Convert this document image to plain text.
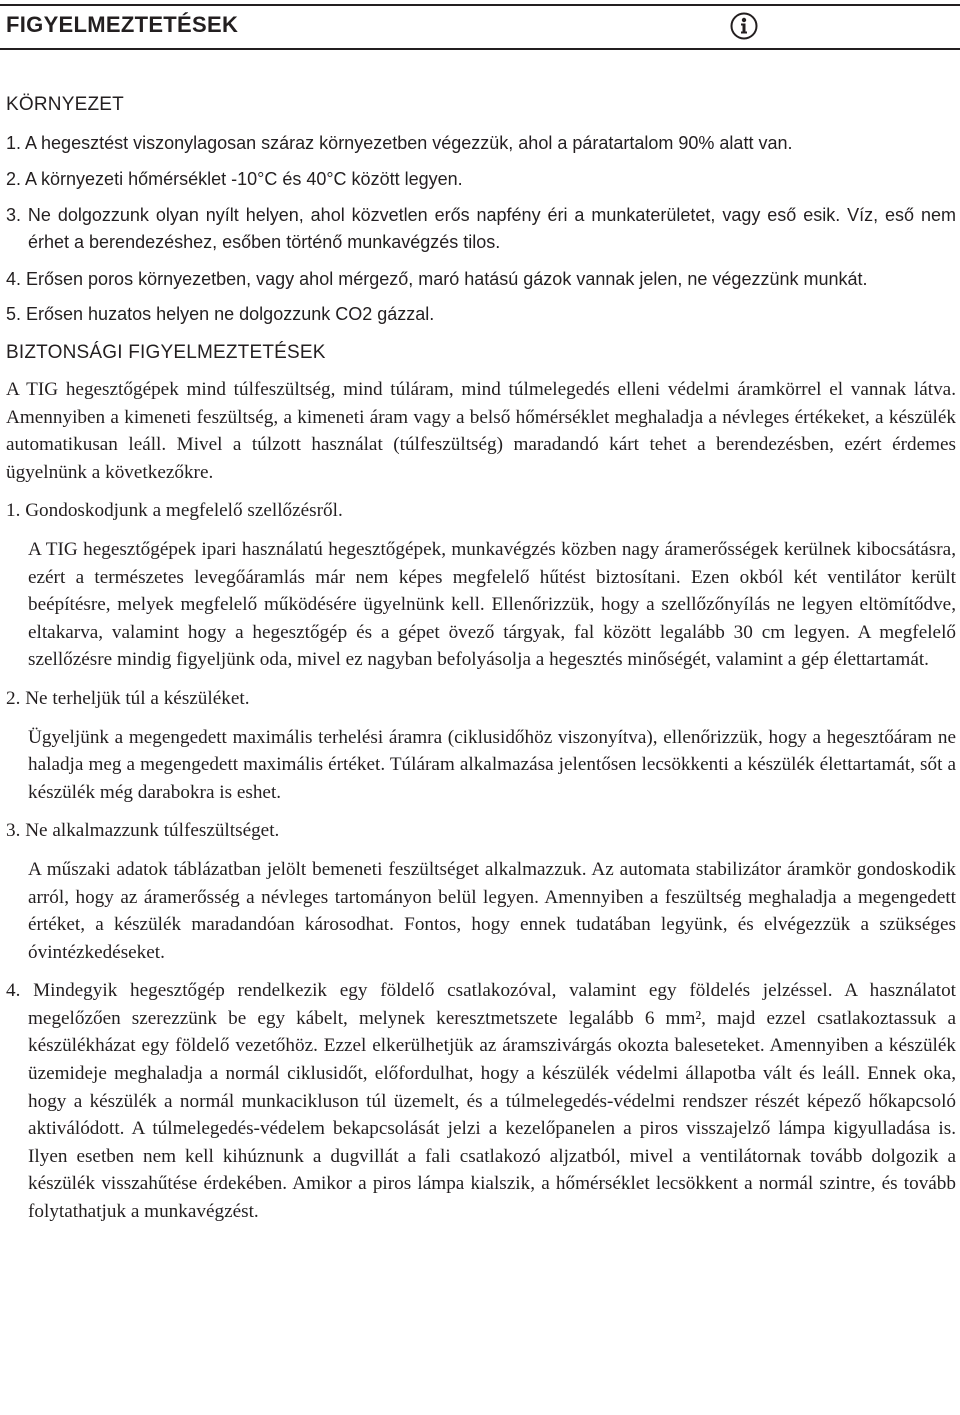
FIGYELMEZTETÉSEK
KÖRNYEZET
1. A hegesztést viszonylagosan száraz környezetben végezzük, ahol a páratartalom 90% alatt van.
2. A környezeti hőmérséklet -10°C és 40°C között legyen.
3. Ne dolgozzunk olyan nyílt helyen, ahol közvetlen erős napfény éri a munkaterületet, vagy eső esik. Víz, eső nem érhet a berendezéshez, esőben történő munkavégzés tilos.
4. Erősen poros környezetben, vagy ahol mérgező, maró hatású gázok vannak jelen, ne végezzünk munkát.
5. Erősen huzatos helyen ne dolgozzunk CO2 gázzal.
BIZTONSÁGI FIGYELMEZTETÉSEK

A TIG hegesztőgépek mind túlfeszültség, mind túláram, mind túlmelegedés elleni védelmi áramkörrel el vannak látva. Amennyiben a kimeneti feszültség, a kimeneti áram vagy a belső hőmérséklet meghaladja a névleges értékeket, a készülék automatikusan leáll. Mivel a túlzott használat (túlfeszültség) maradandó kárt tehet a berendezésben, ezért érdemes ügyelnünk a következőkre.

1. Gondoskodjunk a megfelelő szellőzésről.

A TIG hegesztőgépek ipari használatú hegesztőgépek, munkavégzés közben nagy áramerősségek kerülnek kibocsátásra, ezért a természetes levegőáramlás már nem képes megfelelő hűtést biztosítani. Ezen okból két ventilátor került beépítésre, melyek megfelelő működésére ügyelnünk kell. Ellenőrizzük, hogy a szellőzőnyílás ne legyen eltömítődve, eltakarva, valamint hogy a hegesztőgép és a gépet övező tárgyak, fal között legalább 30 cm legyen. A megfelelő szellőzésre mindig figyeljünk oda, mivel ez nagyban befolyásolja a hegesztés minőségét, valamint a gép élettartamát.

2. Ne terheljük túl a készüléket.

Ügyeljünk a megengedett maximális terhelési áramra (ciklusidőhöz viszonyítva), ellenőrizzük, hogy a hegesztőáram ne haladja meg a megengedett maximális értéket. Túláram alkalmazása jelentősen lecsökkenti a készülék élettartamát, sőt a készülék még darabokra is eshet.

3. Ne alkalmazzunk túlfeszültséget.

A műszaki adatok táblázatban jelölt bemeneti feszültséget alkalmazzuk. Az automata stabilizátor áramkör gondoskodik arról, hogy az áramerősség a névleges tartományon belül legyen. Amennyiben a feszültség meghaladja a megengedett értéket, a készülék maradandóan károsodhat. Fontos, hogy ennek tudatában legyünk, és elvégezzük a szükséges óvintézkedéseket.

4. Mindegyik hegesztőgép rendelkezik egy földelő csatlakozóval, valamint egy földelés jelzéssel. A használatot megelőzően szerezzünk be egy kábelt, melynek keresztmetszete legalább 6 mm², majd ezzel csatlakoztassuk a készülékházat egy földelő vezetőhöz. Ezzel elkerülhetjük az áramszivárgás okozta baleseteket. Amennyiben a készülék üzemideje meghaladja a normál ciklusidőt, előfordulhat, hogy a készülék védelmi állapotba vált és leáll. Ennek oka, hogy a készülék a normál munkacikluson túl üzemelt, és a túlmelegedés-védelmi rendszer részét képező hőkapcsoló aktiválódott. A túlmelegedés-védelem bekapcsolását jelzi a kezelőpanelen a piros visszajelző lámpa kigyulladása is. Ilyen esetben nem kell kihúznunk a dugvillát a fali csatlakozó aljzatból, mivel a ventilátornak tovább dolgozik a készülék visszahűtése érdekében. Amikor a piros lámpa kialszik, a hőmérséklet lecsökkent a normál szintre, és tovább folytathatjuk a munkavégzést.
